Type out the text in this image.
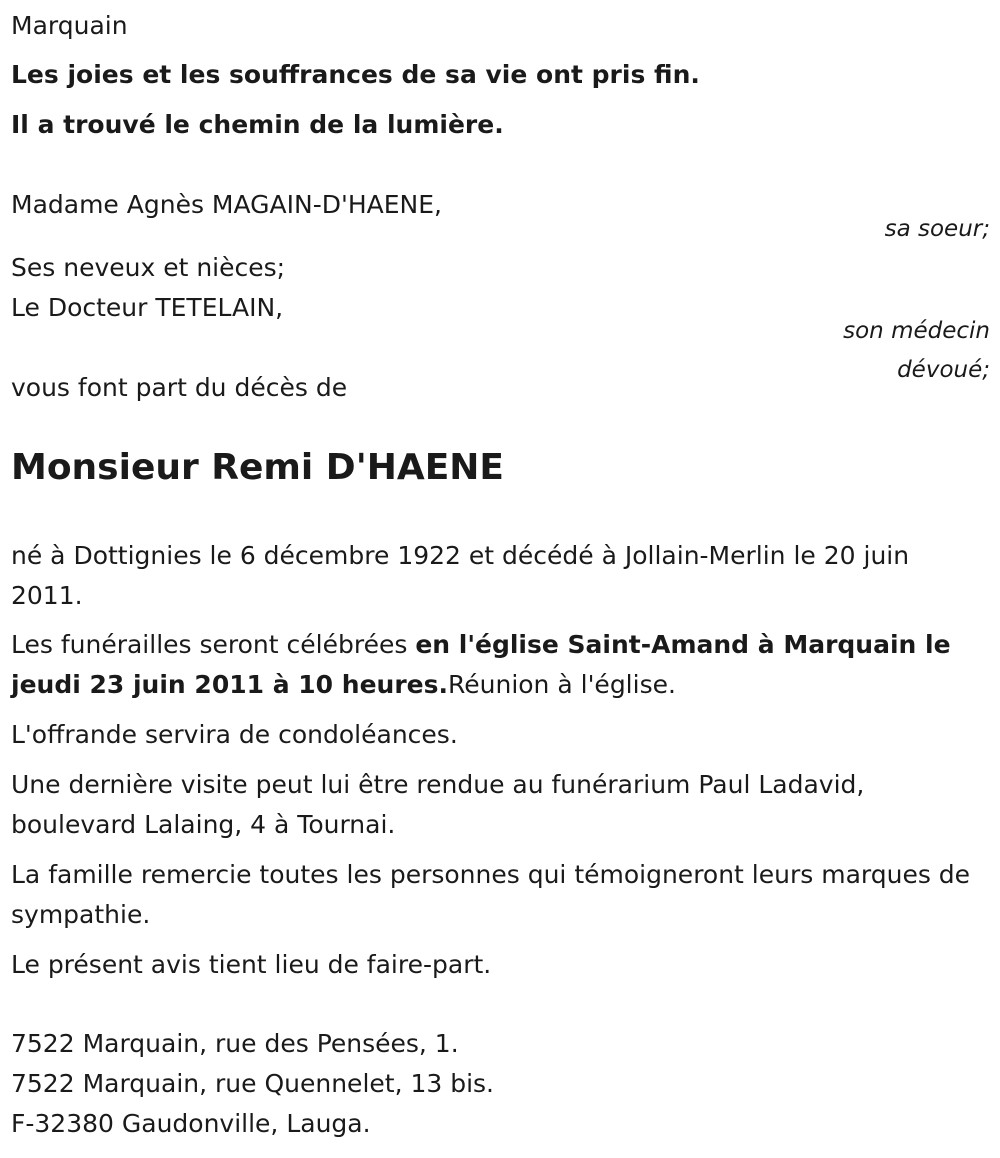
Marquain

Les joies et les souffrances de sa vie ont pris fin.

Il a trouvé le chemin de la lumière.

Madame Agnès MAGAIN-D'HAENE,

sa soeur;

Ses neveux et nièces;

Le Docteur TETELAIN,

son médecin

dévoué;

vous font part du décès de

Monsieur Remi D'HAENE

né à Dottignies le 6 décembre 1922 et décédé à Jollain-Merlin le 20 juin 2011.

Les funérailles seront célébrées en l'église Saint-Amand à Marquain le jeudi 23 juin 2011 à 10 heures.Réunion à l'église.

L'offrande servira de condoléances.

Une dernière visite peut lui être rendue au funérarium Paul Ladavid, boulevard Lalaing, 4 à Tournai.

La famille remercie toutes les personnes qui témoigneront leurs marques de sympathie.

Le présent avis tient lieu de faire-part.

7522 Marquain, rue des Pensées, 1.

7522 Marquain, rue Quennelet, 13 bis.

F-32380 Gaudonville, Lauga.
